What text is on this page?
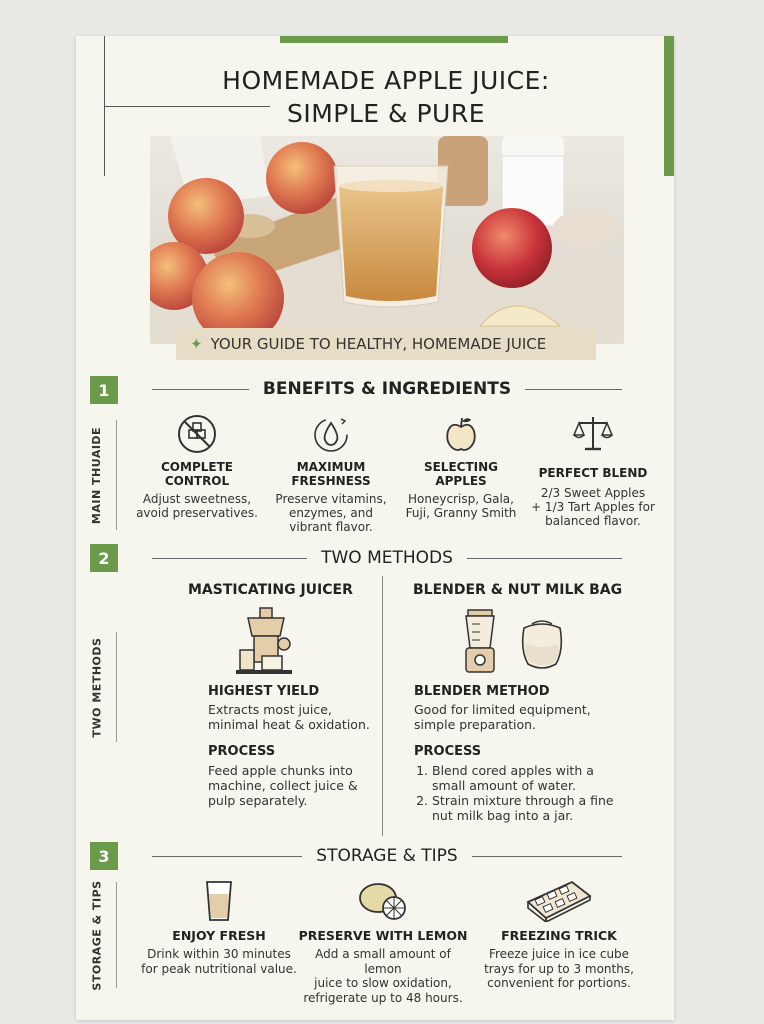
HOMEMADE APPLE JUICE:
SIMPLE & PURE
✦ YOUR GUIDE TO HEALTHY, HOMEMADE JUICE
1	BENEFITS & INGREDIENTS
MAIN THUAIDE	COMPLETE
CONTROL
Adjust sweetness,
avoid preservatives.
MAXIMUM
FRESHNESS
Preserve vitamins,
enzymes, and
vibrant flavor.
SELECTING
APPLES
Honeycrisp, Gala,
Fuji, Granny Smith
PERFECT BLEND
2/3 Sweet Apples
+ 1/3 Tart Apples for
balanced flavor.
2	TWO METHODS
TWO METHODS
MASTICATING JUICER	BLENDER & NUT MILK BAG
HIGHEST YIELD
Extracts most juice,
minimal heat & oxidation.
PROCESS
Feed apple chunks into
machine, collect juice &
pulp separately.
BLENDER METHOD
Good for limited equipment,
simple preparation.
PROCESS
1. Blend cored apples with a
small amount of water.
2. Strain mixture through a fine
nut milk bag into a jar.
3	STORAGE & TIPS
STORAGE & TIPS	ENJOY FRESH
Drink within 30 minutes
for peak nutritional value.
PRESERVE WITH LEMON
Add a small amount of lemon
juice to slow oxidation,
refrigerate up to 48 hours.
FREEZING TRICK
Freeze juice in ice cube
trays for up to 3 months,
convenient for portions.
